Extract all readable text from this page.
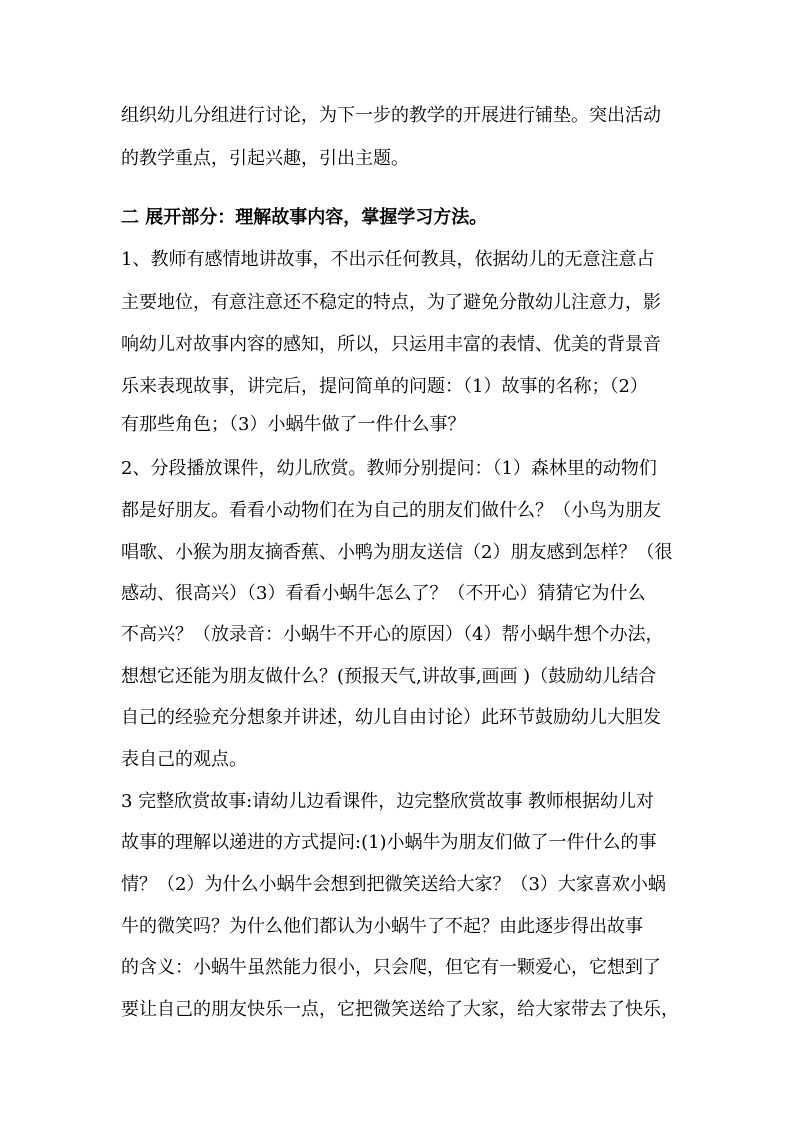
组织幼儿分组进行讨论，为下一步的教学的开展进行铺垫。突出活动
的教学重点，引起兴趣，引出主题。
二 展开部分：理解故事内容，掌握学习方法。
1、教师有感情地讲故事，不出示任何教具，依据幼儿的无意注意占
主要地位，有意注意还不稳定的特点，为了避免分散幼儿注意力，影
响幼儿对故事内容的感知，所以，只运用丰富的表情、优美的背景音
乐来表现故事，讲完后，提问简单的问题：（1）故事的名称；（2）
有那些角色；（3）小蜗牛做了一件什么事？
2、分段播放课件，幼儿欣赏。教师分别提问：（1）森林里的动物们
都是好朋友。看看小动物们在为自己的朋友们做什么？（小鸟为朋友
唱歌、小猴为朋友摘香蕉、小鸭为朋友送信（2）朋友感到怎样？（很
感动、很高兴）（3）看看小蜗牛怎么了？（不开心）猜猜它为什么
不高兴？（放录音：小蜗牛不开心的原因）（4）帮小蜗牛想个办法，
想想它还能为朋友做什么？(预报天气,讲故事,画画 )（鼓励幼儿结合
自己的经验充分想象并讲述，幼儿自由讨论）此环节鼓励幼儿大胆发
表自己的观点。
3 完整欣赏故事:请幼儿边看课件，边完整欣赏故事 教师根据幼儿对
故事的理解以递进的方式提问:(1)小蜗牛为朋友们做了一件什么的事
情？（2）为什么小蜗牛会想到把微笑送给大家？（3）大家喜欢小蜗
牛的微笑吗？为什么他们都认为小蜗牛了不起？由此逐步得出故事
的含义：小蜗牛虽然能力很小，只会爬，但它有一颗爱心，它想到了
要让自己的朋友快乐一点，它把微笑送给了大家，给大家带去了快乐，
